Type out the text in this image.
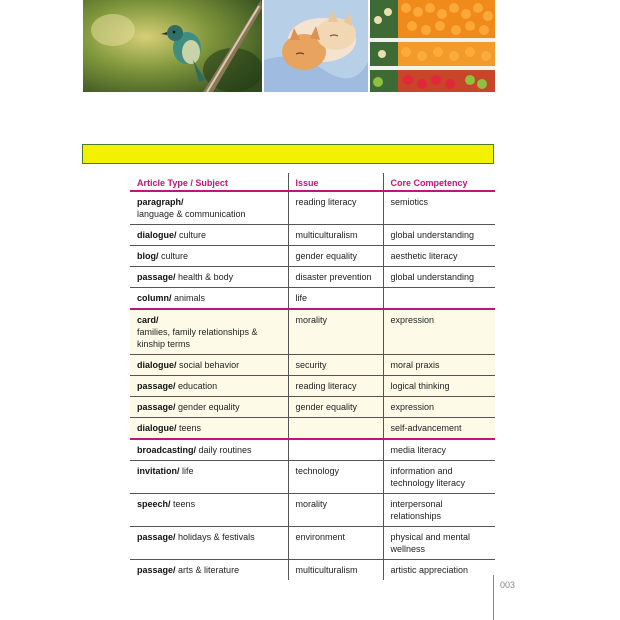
Article Type / Subject	Issue	Core Competency
paragraph/
language & communication	reading literacy	semiotics
dialogue/ culture	multiculturalism	global understanding
blog/ culture	gender equality	aesthetic literacy
passage/ health & body	disaster prevention	global understanding
column/ animals	life	
card/
families, family relationships & kinship terms	morality	expression
dialogue/ social behavior	security	moral praxis
passage/ education	reading literacy	logical thinking
passage/ gender equality	gender equality	expression
dialogue/ teens		self-advancement
broadcasting/ daily routines		media literacy
invitation/ life	technology	information and technology literacy
speech/ teens	morality	interpersonal relationships
passage/ holidays & festivals	environment	physical and mental wellness
passage/ arts & literature	multiculturalism	artistic appreciation
003
